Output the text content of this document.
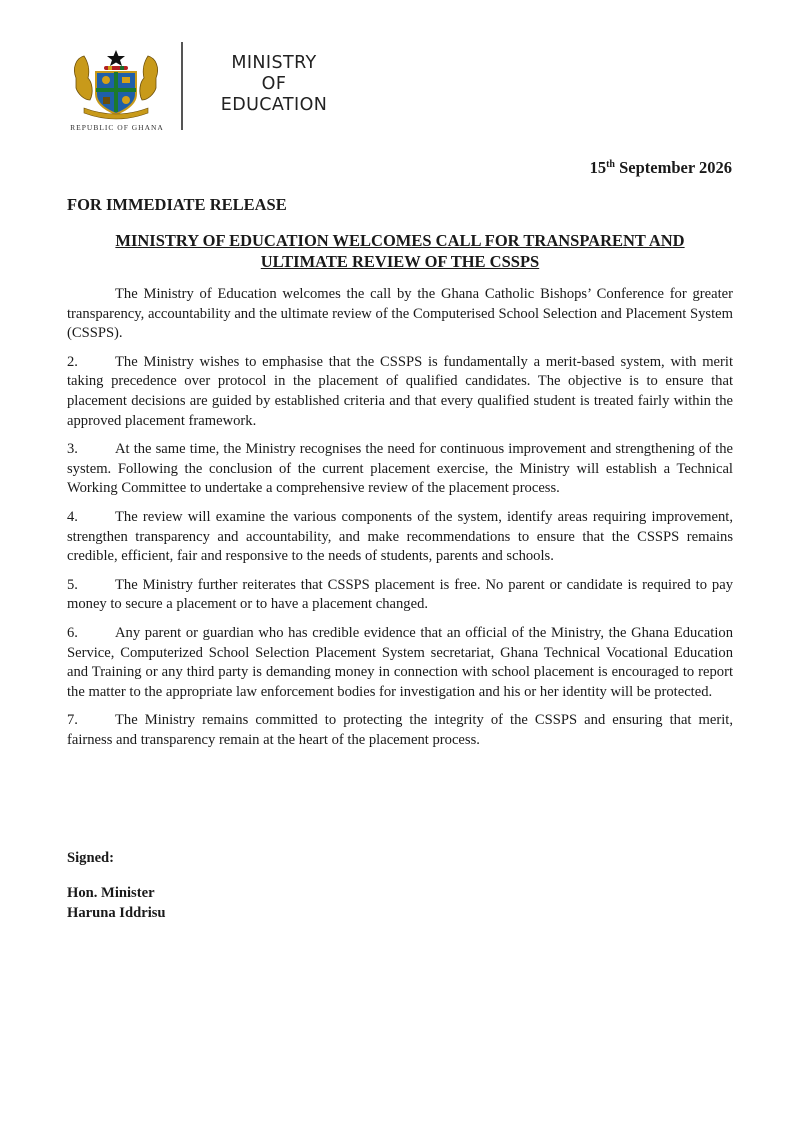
REPUBLIC OF GHANA
MINISTRY
OF
EDUCATION
15th September 2026
FOR IMMEDIATE RELEASE
MINISTRY OF EDUCATION WELCOMES CALL FOR TRANSPARENT AND
ULTIMATE REVIEW OF THE CSSPS

The Ministry of Education welcomes the call by the Ghana Catholic Bishops’ Conference for greater transparency, accountability and the ultimate review of the Computerised School Selection and Placement System (CSSPS).

2.	The Ministry wishes to emphasise that the CSSPS is fundamentally a merit-based system, with merit taking precedence over protocol in the placement of qualified candidates. The objective is to ensure that placement decisions are guided by established criteria and that every qualified student is treated fairly within the approved placement framework.

3.	At the same time, the Ministry recognises the need for continuous improvement and strengthening of the system. Following the conclusion of the current placement exercise, the Ministry will establish a Technical Working Committee to undertake a comprehensive review of the placement process.

4.	The review will examine the various components of the system, identify areas requiring improvement, strengthen transparency and accountability, and make recommendations to ensure that the CSSPS remains credible, efficient, fair and responsive to the needs of students, parents and schools.

5.	The Ministry further reiterates that CSSPS placement is free. No parent or candidate is required to pay money to secure a placement or to have a placement changed.

6.	Any parent or guardian who has credible evidence that an official of the Ministry, the Ghana Education Service, Computerized School Selection Placement System secretariat, Ghana Technical Vocational Education and Training or any third party is demanding money in connection with school placement is encouraged to report the matter to the appropriate law enforcement bodies for investigation and his or her identity will be protected.

7.	The Ministry remains committed to protecting the integrity of the CSSPS and ensuring that merit, fairness and transparency remain at the heart of the placement process.

Signed:
Hon. Minister
Haruna Iddrisu
